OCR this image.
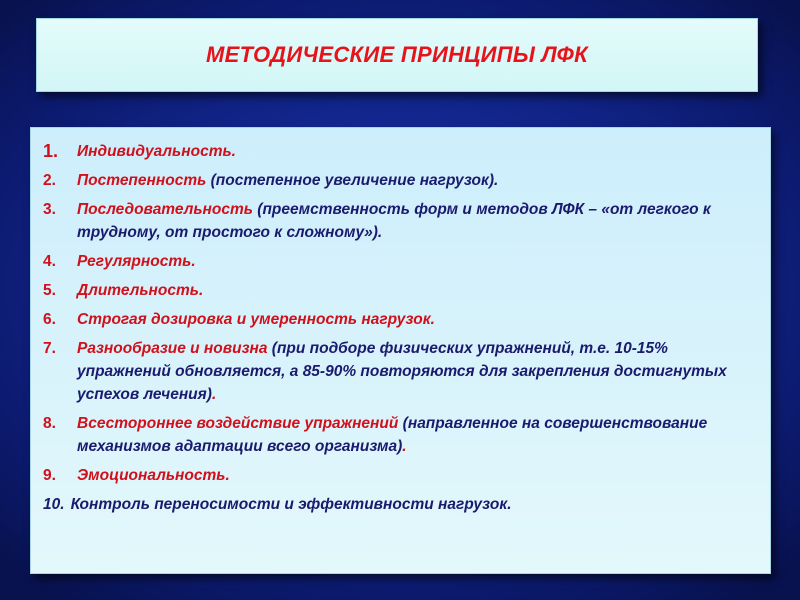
МЕТОДИЧЕСКИЕ ПРИНЦИПЫ ЛФК
1.	Индивидуальность.
2.	Постепенность (постепенное увеличение нагрузок).
3.	Последовательность (преемственность форм и методов ЛФК – «от легкого к трудному, от простого к сложному»).
4.	Регулярность.
5.	Длительность.
6.	Строгая дозировка и умеренность нагрузок.
7.	Разнообразие и новизна (при подборе физических упражнений, т.е. 10-15% упражнений обновляется, а 85-90% повторяются для закрепления достигнутых успехов лечения).
8.	Всестороннее воздействие упражнений (направленное на совершенствование механизмов адаптации всего организма).
9.	Эмоциональность.
10. Контроль переносимости и эффективности нагрузок.
